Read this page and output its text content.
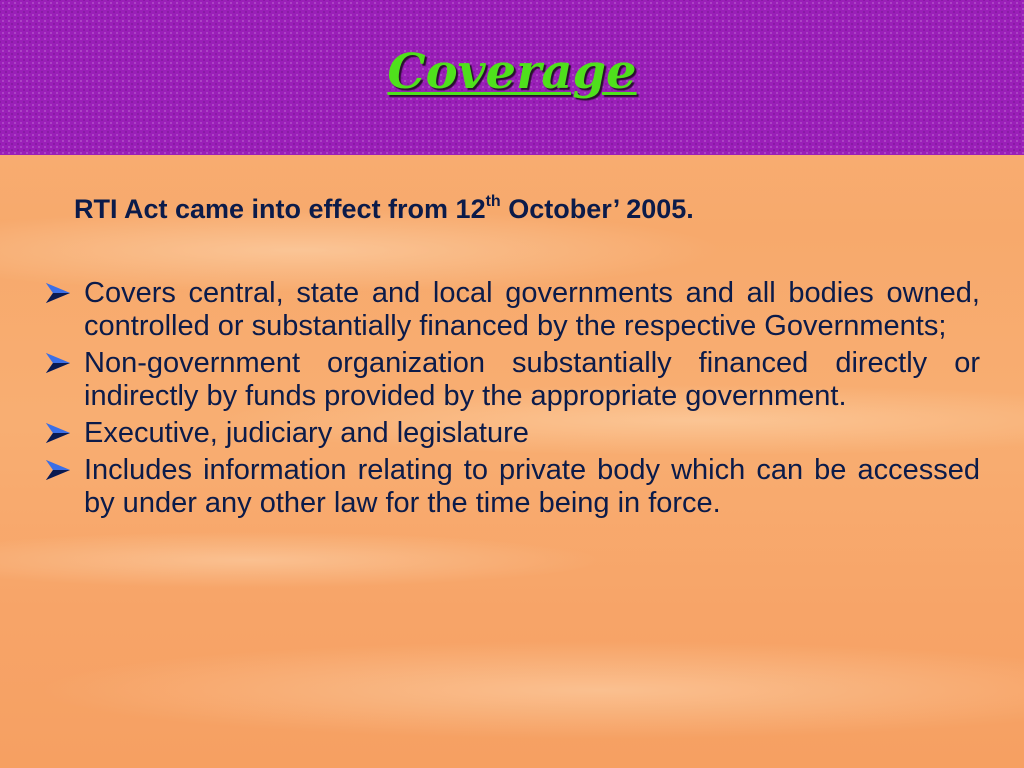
Coverage

RTI Act came into effect from 12th October’ 2005.

Covers central, state and local governments and all bodies owned, controlled or substantially financed by the respective Governments;
Non-government organization substantially financed directly or indirectly by funds provided by the appropriate government.
Executive, judiciary and legislature
Includes information relating to private body which can be accessed by under any other law for the time being in force.
